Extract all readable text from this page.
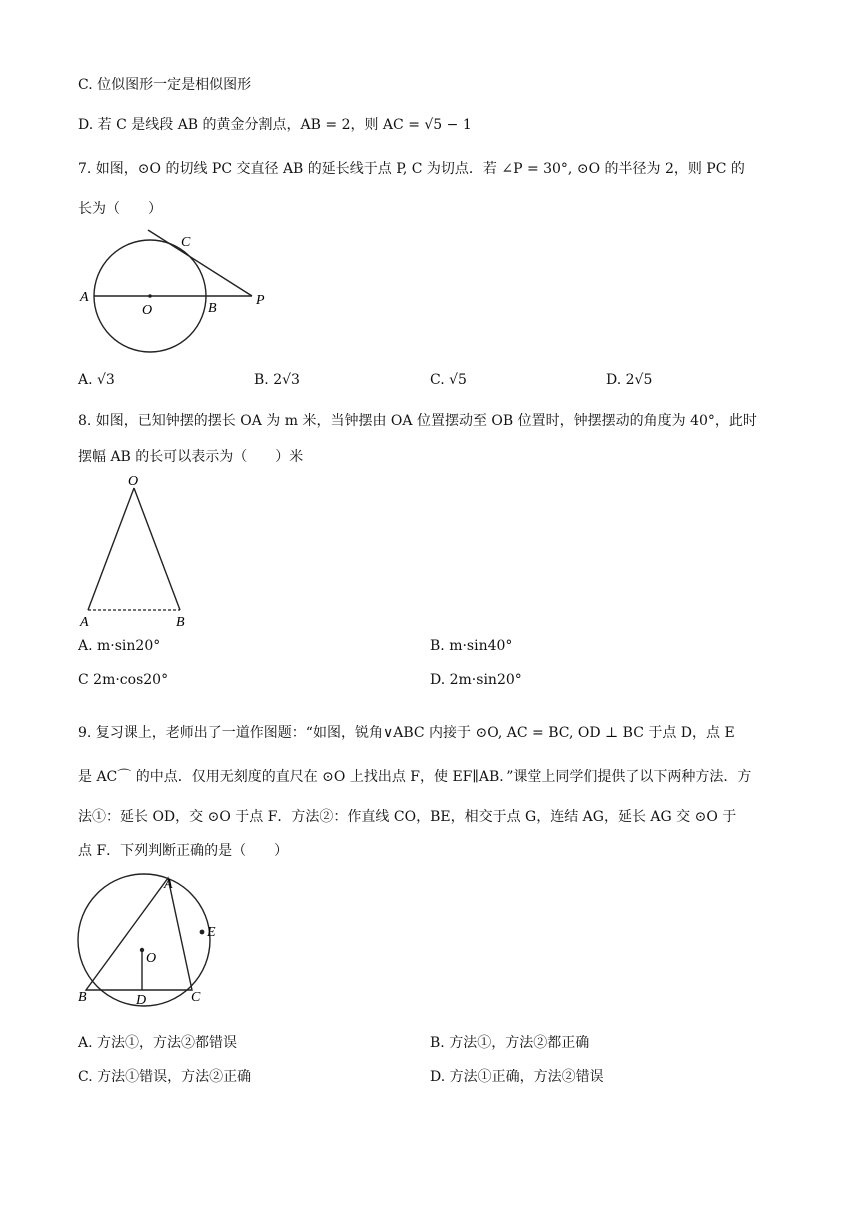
C. 位似图形一定是相似图形
D. 若 C 是线段 AB 的黄金分割点，AB = 2，则 AC = √5 − 1
7. 如图，⊙O 的切线 PC 交直径 AB 的延长线于点 P, C 为切点．若 ∠P = 30°, ⊙O 的半径为 2，则 PC 的
长为（　　）
A
O	B
C
P
A. √3	B. 2√3	C. √5	D. 2√5
8. 如图，已知钟摆的摆长 OA 为 m 米，当钟摆由 OA 位置摆动至 OB 位置时，钟摆摆动的角度为 40°，此时
摆幅 AB 的长可以表示为（　　）米
O
A	B
A. m·sin20°	B. m·sin40°
C 2m·cos20°	D. 2m·sin20°
9. 复习课上，老师出了一道作图题：“如图，锐角∨ABC 内接于 ⊙O, AC = BC, OD ⊥ BC 于点 D，点 E
是 AC⌒ 的中点．仅用无刻度的直尺在 ⊙O 上找出点 F，使 EF∥AB．”课堂上同学们提供了以下两种方法．方
法①：延长 OD，交 ⊙O 于点 F．方法②：作直线 CO，BE，相交于点 G，连结 AG，延长 AG 交 ⊙O 于
点 F．下列判断正确的是（　　）
A
B	C
D
E
O
A. 方法①，方法②都错误	B. 方法①，方法②都正确
C. 方法①错误，方法②正确	D. 方法①正确，方法②错误
